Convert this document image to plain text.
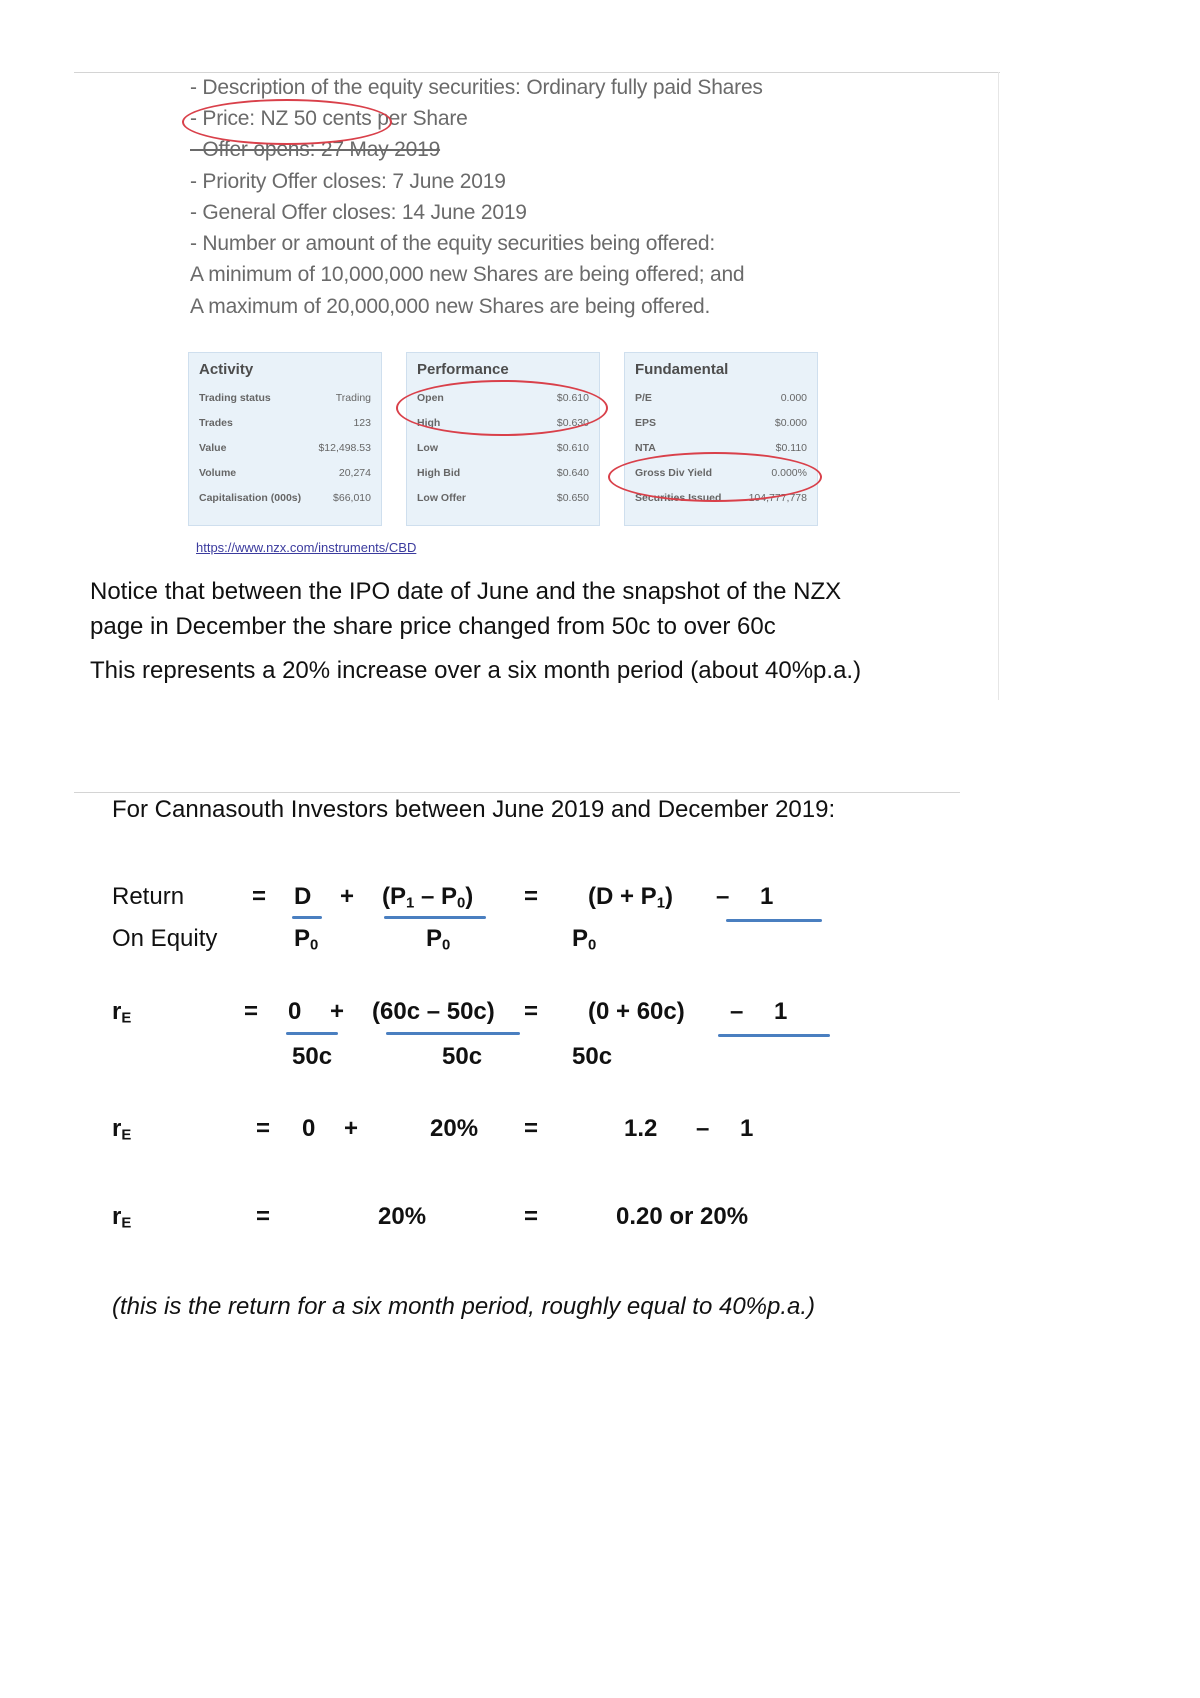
- Description of the equity securities: Ordinary fully paid Shares
- Price: NZ 50 cents per Share
- Offer opens: 27 May 2019
- Priority Offer closes: 7 June 2019
- General Offer closes: 14 June 2019
- Number or amount of the equity securities being offered:
A minimum of 10,000,000 new Shares are being offered; and
A maximum of 20,000,000 new Shares are being offered.
Activity
Trading status	Trading
Trades	123
Value	$12,498.53
Volume	20,274
Capitalisation (000s)	$66,010
Performance
Open	$0.610
High	$0.630
Low	$0.610
High Bid	$0.640
Low Offer	$0.650
Fundamental
P/E	0.000
EPS	$0.000
NTA	$0.110
Gross Div Yield	0.000%
Securities Issued	104,777,778
https://www.nzx.com/instruments/CBD
Notice that between the IPO date of June and the snapshot of the NZX
page in December the share price changed from 50c to over 60c
This represents a 20% increase over a six month period (about 40%p.a.)
For Cannasouth Investors between June 2019 and December 2019:
Return
On Equity
= $D + (P_1 - P_0) = (D + P_1) - 1$
$P_0$	$P_0$	$P_0$
$r_E$	= 0 + (60c – 50c) = (0 + 60c) – 1
50c	50c	50c
$r_E$	= 0 +	20% =	1.2 – 1
$r_E$	=	20%	=	0.20 or 20%
(this is the return for a six month period, roughly equal to 40%p.a.)
